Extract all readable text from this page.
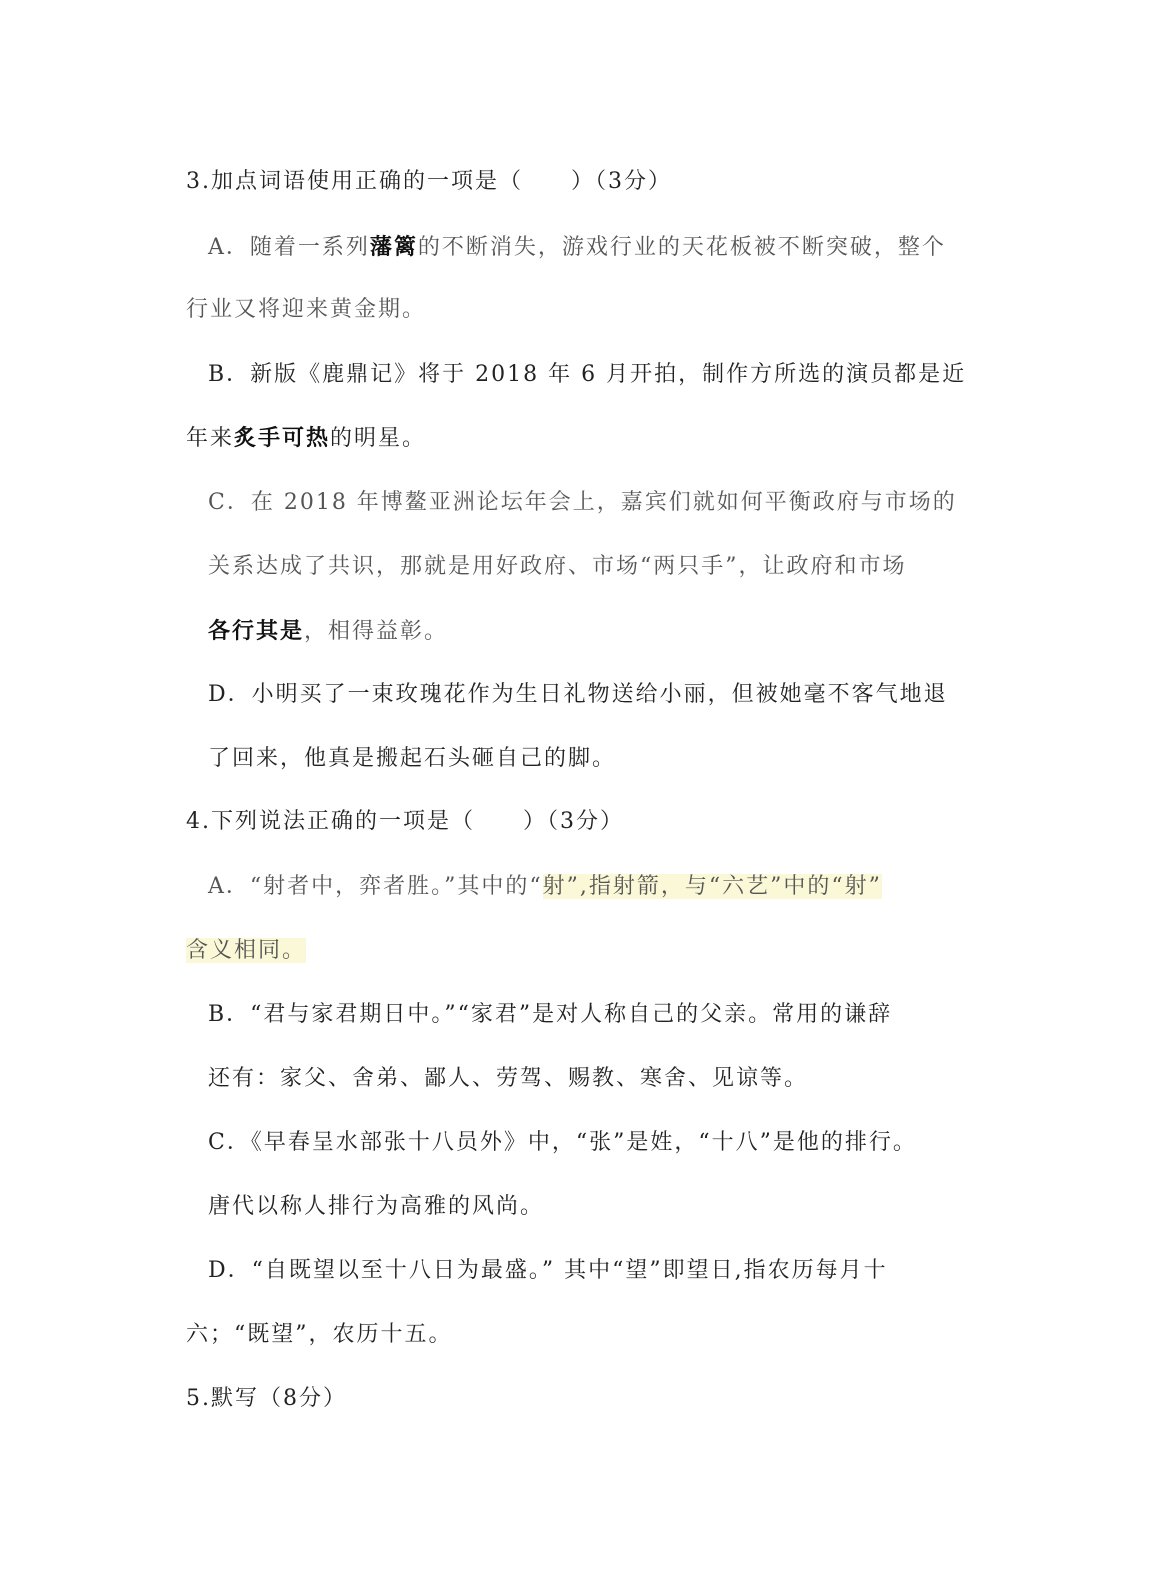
3.加点词语使用正确的一项是（　　）（3分）
A．随着一系列藩篱的不断消失，游戏行业的天花板被不断突破，整个
行业又将迎来黄金期。
B．新版《鹿鼎记》将于 2018 年 6 月开拍，制作方所选的演员都是近
年来炙手可热的明星。
C．在 2018 年博鳌亚洲论坛年会上，嘉宾们就如何平衡政府与市场的
关系达成了共识，那就是用好政府、市场“两只手”，让政府和市场
各行其是，相得益彰。
D．小明买了一束玫瑰花作为生日礼物送给小丽，但被她毫不客气地退
了回来，他真是搬起石头砸自己的脚。
4.下列说法正确的一项是（　　）（3分）
A．“射者中，弈者胜。”其中的“射”,指射箭，与“六艺”中的“射”
含义相同。
B．“君与家君期日中。”“家君”是对人称自己的父亲。常用的谦辞
还有：家父、舍弟、鄙人、劳驾、赐教、寒舍、见谅等。
C．《早春呈水部张十八员外》中，“张”是姓，“十八”是他的排行。
唐代以称人排行为高雅的风尚。
D．“自既望以至十八日为最盛。” 其中“望”即望日,指农历每月十
六；“既望”，农历十五。
5.默写（8分）
